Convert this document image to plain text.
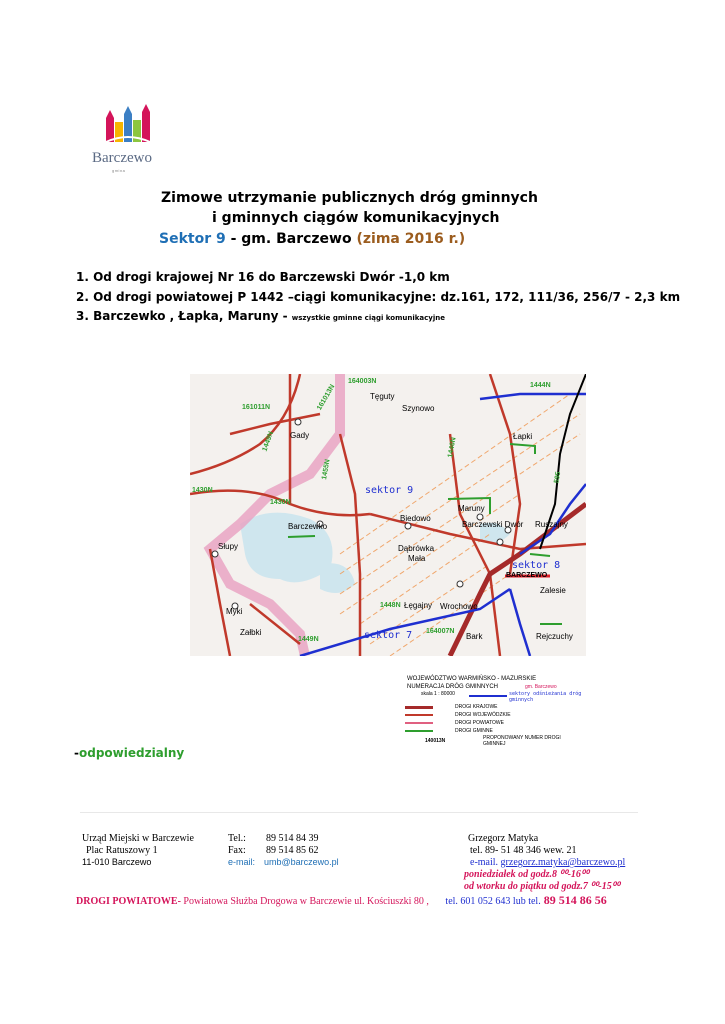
Barczewo
gmina
Zimowe utrzymanie publicznych dróg gminnych
i gminnych ciągów komunikacyjnych
Sektor 9 - gm. Barczewo (zima 2016 r.)
1. Od drogi krajowej Nr 16 do Barczewski Dwór -1,0 km
2. Od drogi powiatowej P 1442 –ciągi komunikacyjne: dz.161, 172, 111/36, 256/7 - 2,3 km
3. Barczewko , Łapka, Maruny - wszystkie gminne ciągi komunikacyjne
161011N	161013N
164003N
1444N
Tęguty
Szynowo
Gady
1449N
1455N
1446N
595
Łapki
1430N
1430N
sektor 9
Barczewko
Biedowo
Maruny
Barczewski Dwór Ruszajny
Dąbrówka
Mała
Słupy
sektor 8
BARCZEWO
Zalesie
Myki
1448N Łęgajny Wrochowo
Załbki	sektor 7 164007N
Bark	Rejczuchy
1449N
WOJEWÓDZTWO WARMIŃSKO - MAZURSKIE
NUMERACJA DRÓG GMINNYCH	gm. Barczewo
skala 1 : 80000	sektory odśnieżania dróg gminnych
DROGI KRAJOWE
DROGI WOJEWÓDZKIE
DROGI POWIATOWE
DROGI GMINNE
140013N	PROPONOWANY NUMER DROGI GMINNEJ
-odpowiedzialny
Urząd Miejski w Barczewie
Plac Ratuszowy 1
11-010 Barczewo
Tel.: 89 514 84 39
Fax: 89 514 85 62
e-mail: umb@barczewo.pl
Grzegorz Matyka
tel. 89- 51 48 346 wew. 21
e-mail. grzegorz.matyka@barczewo.pl
poniedziałek od godz.8 ⁰⁰-16⁰⁰
od wtorku do piątku od godz.7 ⁰⁰-15⁰⁰
DROGI POWIATOWE- Powiatowa Służba Drogowa w Barczewie ul. Kościuszki 80 , tel. 601 052 643 lub tel. 89 514 86 56
